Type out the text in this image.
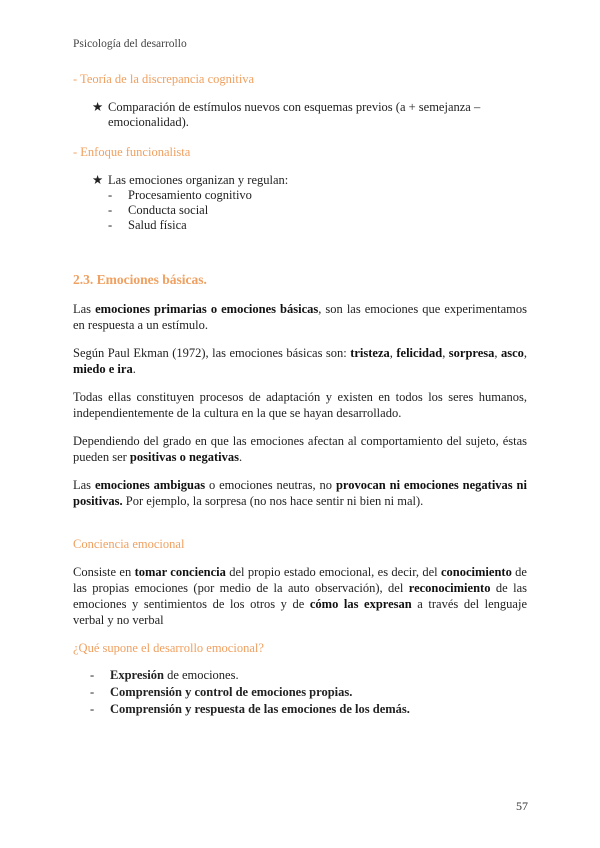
Psicología del desarrollo
- Teoría de la discrepancia cognitiva
★ Comparación de estímulos nuevos con esquemas previos (a + semejanza – emocionalidad).
- Enfoque funcionalista
★ Las emociones organizan y regulan:
- Procesamiento cognitivo
- Conducta social
- Salud física
2.3. Emociones básicas.
Las emociones primarias o emociones básicas, son las emociones que experimentamos en respuesta a un estímulo.
Según Paul Ekman (1972), las emociones básicas son: tristeza, felicidad, sorpresa, asco, miedo e ira.
Todas ellas constituyen procesos de adaptación y existen en todos los seres humanos, independientemente de la cultura en la que se hayan desarrollado.
Dependiendo del grado en que las emociones afectan al comportamiento del sujeto, éstas pueden ser positivas o negativas.
Las emociones ambiguas o emociones neutras, no provocan ni emociones negativas ni positivas. Por ejemplo, la sorpresa (no nos hace sentir ni bien ni mal).
Conciencia emocional
Consiste en tomar conciencia del propio estado emocional, es decir, del conocimiento de las propias emociones (por medio de la auto observación), del reconocimiento de las emociones y sentimientos de los otros y de cómo las expresan a través del lenguaje verbal y no verbal
¿Qué supone el desarrollo emocional?
- Expresión de emociones.
- Comprensión y control de emociones propias.
- Comprensión y respuesta de las emociones de los demás.
57
